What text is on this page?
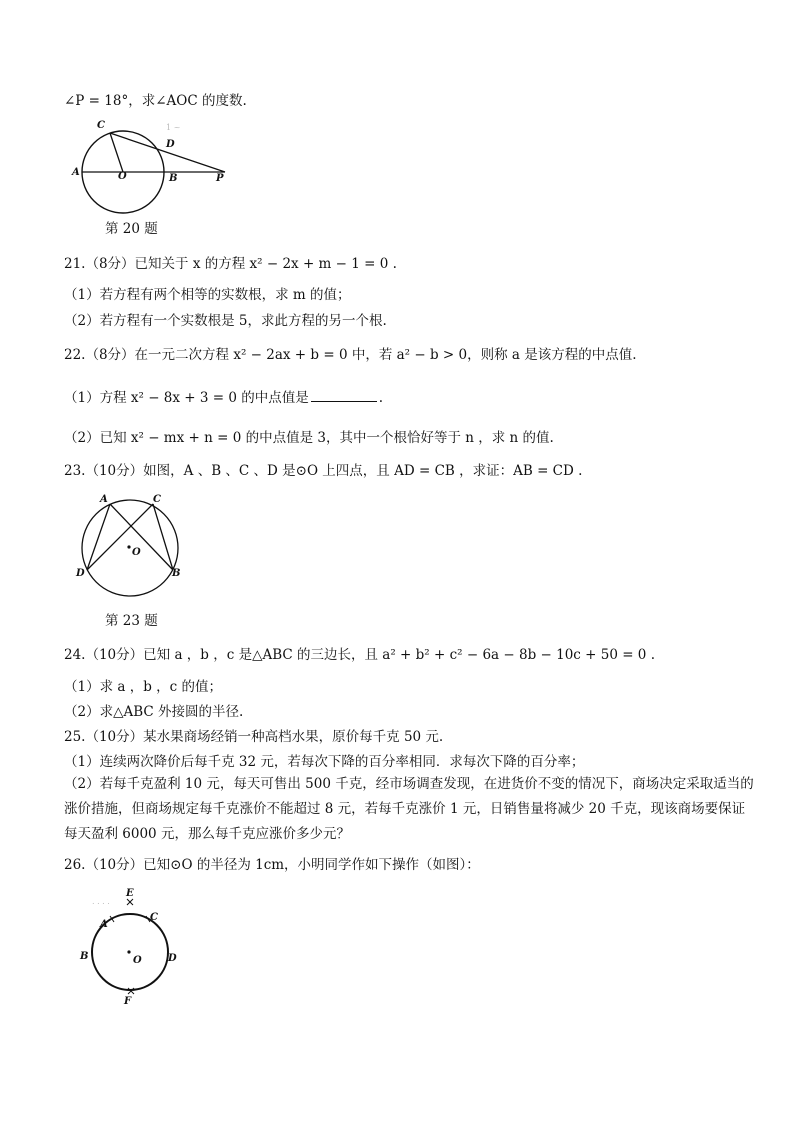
∠P = 18°，求∠AOC 的度数.
1 ~
C
D
A	O	B	P
第 20 题
21.（8分）已知关于 x 的方程 x² − 2x + m − 1 = 0 .
（1）若方程有两个相等的实数根，求 m 的值；
（2）若方程有一个实数根是 5，求此方程的另一个根.
22.（8分）在一元二次方程 x² − 2ax + b = 0 中，若 a² − b > 0，则称 a 是该方程的中点值.
（1）方程 x² − 8x + 3 = 0 的中点值是	.
（2）已知 x² − mx + n = 0 的中点值是 3，其中一个根恰好等于 n ，求 n 的值.
23.（10分）如图，A 、B 、C 、D 是⊙O 上四点，且 AD = CB ，求证：AB = CD .
A	C
O
D	B
第 23 题
24.（10分）已知 a ，b ，c 是△ABC 的三边长，且 a² + b² + c² − 6a − 8b − 10c + 50 = 0 .
（1）求 a ，b ，c 的值；
（2）求△ABC 外接圆的半径.
25.（10分）某水果商场经销一种高档水果，原价每千克 50 元.
（1）连续两次降价后每千克 32 元，若每次下降的百分率相同．求每次下降的百分率；
（2）若每千克盈利 10 元，每天可售出 500 千克，经市场调查发现，在进货价不变的情况下，商场决定采取适当的涨价措施，但商场规定每千克涨价不能超过 8 元，若每千克涨价 1 元，日销售量将减少 20 千克，现该商场要保证每天盈利 6000 元，那么每千克应涨价多少元？
26.（10分）已知⊙O 的半径为 1cm，小明同学作如下操作（如图）：
. . . .
E
A
C
B	O	D
F
